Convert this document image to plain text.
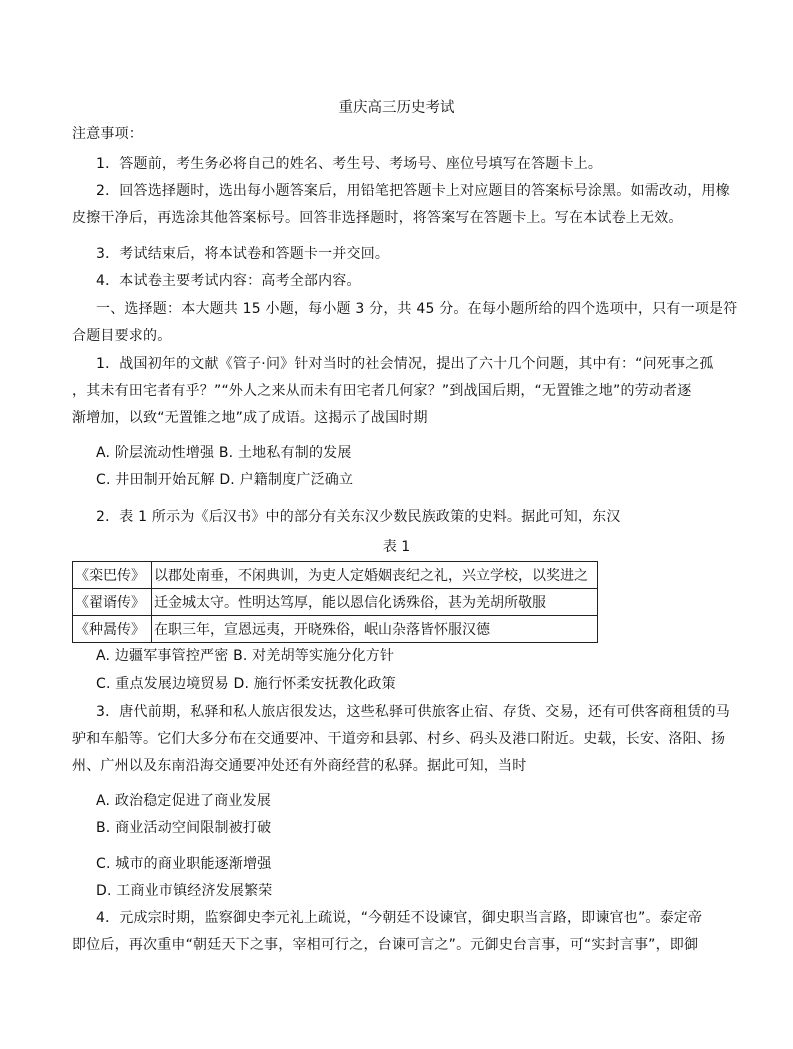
重庆高三历史考试
注意事项：
1．答题前，考生务必将自己的姓名、考生号、考场号、座位号填写在答题卡上。
2．回答选择题时，选出每小题答案后，用铅笔把答题卡上对应题目的答案标号涂黑。如需改动，用橡
皮擦干净后，再选涂其他答案标号。回答非选择题时，将答案写在答题卡上。写在本试卷上无效。
3．考试结束后，将本试卷和答题卡一并交回。
4．本试卷主要考试内容：高考全部内容。
一、选择题：本大题共 15 小题，每小题 3 分，共 45 分。在每小题所给的四个选项中，只有一项是符
合题目要求的。
1．战国初年的文献《管子·问》针对当时的社会情况，提出了六十几个问题，其中有：“问死事之孤
，其未有田宅者有乎？”“外人之来从而未有田宅者几何家？”到战国后期，“无置锥之地”的劳动者逐
渐增加，以致“无置锥之地”成了成语。这揭示了战国时期
A. 阶层流动性增强 B. 土地私有制的发展
C. 井田制开始瓦解 D. 户籍制度广泛确立
2．表 1 所示为《后汉书》中的部分有关东汉少数民族政策的史料。据此可知，东汉
表 1
《栾巴传》	以郡处南垂，不闲典训，为吏人定婚姻丧纪之礼，兴立学校，以奖进之
《翟谞传》	迁金城太守。性明达笃厚，能以恩信化诱殊俗，甚为羌胡所敬服
《种暠传》	在职三年，宣恩远夷，开晓殊俗，岷山杂落皆怀服汉德
A. 边疆军事管控严密 B. 对羌胡等实施分化方针
C. 重点发展边境贸易 D. 施行怀柔安抚教化政策
3．唐代前期，私驿和私人旅店很发达，这些私驿可供旅客止宿、存货、交易，还有可供客商租赁的马
驴和车船等。它们大多分布在交通要冲、干道旁和县郭、村乡、码头及港口附近。史载，长安、洛阳、扬
州、广州以及东南沿海交通要冲处还有外商经营的私驿。据此可知，当时
A. 政治稳定促进了商业发展
B. 商业活动空间限制被打破
C. 城市的商业职能逐渐增强
D. 工商业市镇经济发展繁荣
4．元成宗时期，监察御史李元礼上疏说，“今朝廷不设谏官，御史职当言路，即谏官也”。泰定帝
即位后，再次重申“朝廷天下之事，宰相可行之，台谏可言之”。元御史台言事，可“实封言事”，即御
